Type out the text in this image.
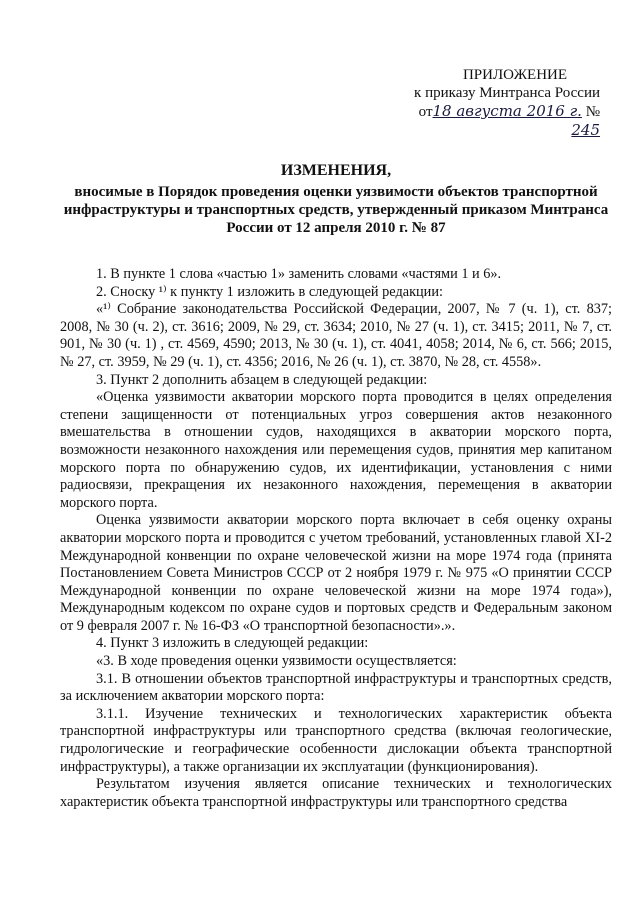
ПРИЛОЖЕНИЕ
к приказу Минтранса России
от18 августа 2016 г. № 245
ИЗМЕНЕНИЯ,
вносимые в Порядок проведения оценки уязвимости объектов транспортной инфраструктуры и транспортных средств, утвержденный приказом Минтранса России от 12 апреля 2010 г. № 87

1. В пункте 1 слова «частью 1» заменить словами «частями 1 и 6».

2. Сноску ¹⁾ к пункту 1 изложить в следующей редакции:

«¹⁾ Собрание законодательства Российской Федерации, 2007, № 7 (ч. 1), ст. 837; 2008, № 30 (ч. 2), ст. 3616; 2009, № 29, ст. 3634; 2010, № 27 (ч. 1), ст. 3415; 2011, № 7, ст. 901, № 30 (ч. 1) , ст. 4569, 4590; 2013, № 30 (ч. 1), ст. 4041, 4058; 2014, № 6, ст. 566; 2015, № 27, ст. 3959, № 29 (ч. 1), ст. 4356; 2016, № 26 (ч. 1), ст. 3870, № 28, ст. 4558».

3. Пункт 2 дополнить абзацем в следующей редакции:

«Оценка уязвимости акватории морского порта проводится в целях определения степени защищенности от потенциальных угроз совершения актов незаконного вмешательства в отношении судов, находящихся в акватории морского порта, возможности незаконного нахождения или перемещения судов, принятия мер капитаном морского порта по обнаружению судов, их идентификации, установления с ними радиосвязи, прекращения их незаконного нахождения, перемещения в акватории морского порта.

Оценка уязвимости акватории морского порта включает в себя оценку охраны акватории морского порта и проводится с учетом требований, установленных главой XI-2 Международной конвенции по охране человеческой жизни на море 1974 года (принята Постановлением Совета Министров СССР от 2 ноября 1979 г. № 975 «О принятии СССР Международной конвенции по охране человеческой жизни на море 1974 года»), Международным кодексом по охране судов и портовых средств и Федеральным законом от 9 февраля 2007 г. № 16-ФЗ «О транспортной безопасности».».

4. Пункт 3 изложить в следующей редакции:

«3. В ходе проведения оценки уязвимости осуществляется:

3.1. В отношении объектов транспортной инфраструктуры и транспортных средств, за исключением акватории морского порта:

3.1.1. Изучение технических и технологических характеристик объекта транспортной инфраструктуры или транспортного средства (включая геологические, гидрологические и географические особенности дислокации объекта транспортной инфраструктуры), а также организации их эксплуатации (функционирования).

Результатом изучения является описание технических и технологических характеристик объекта транспортной инфраструктуры или транспортного средства
